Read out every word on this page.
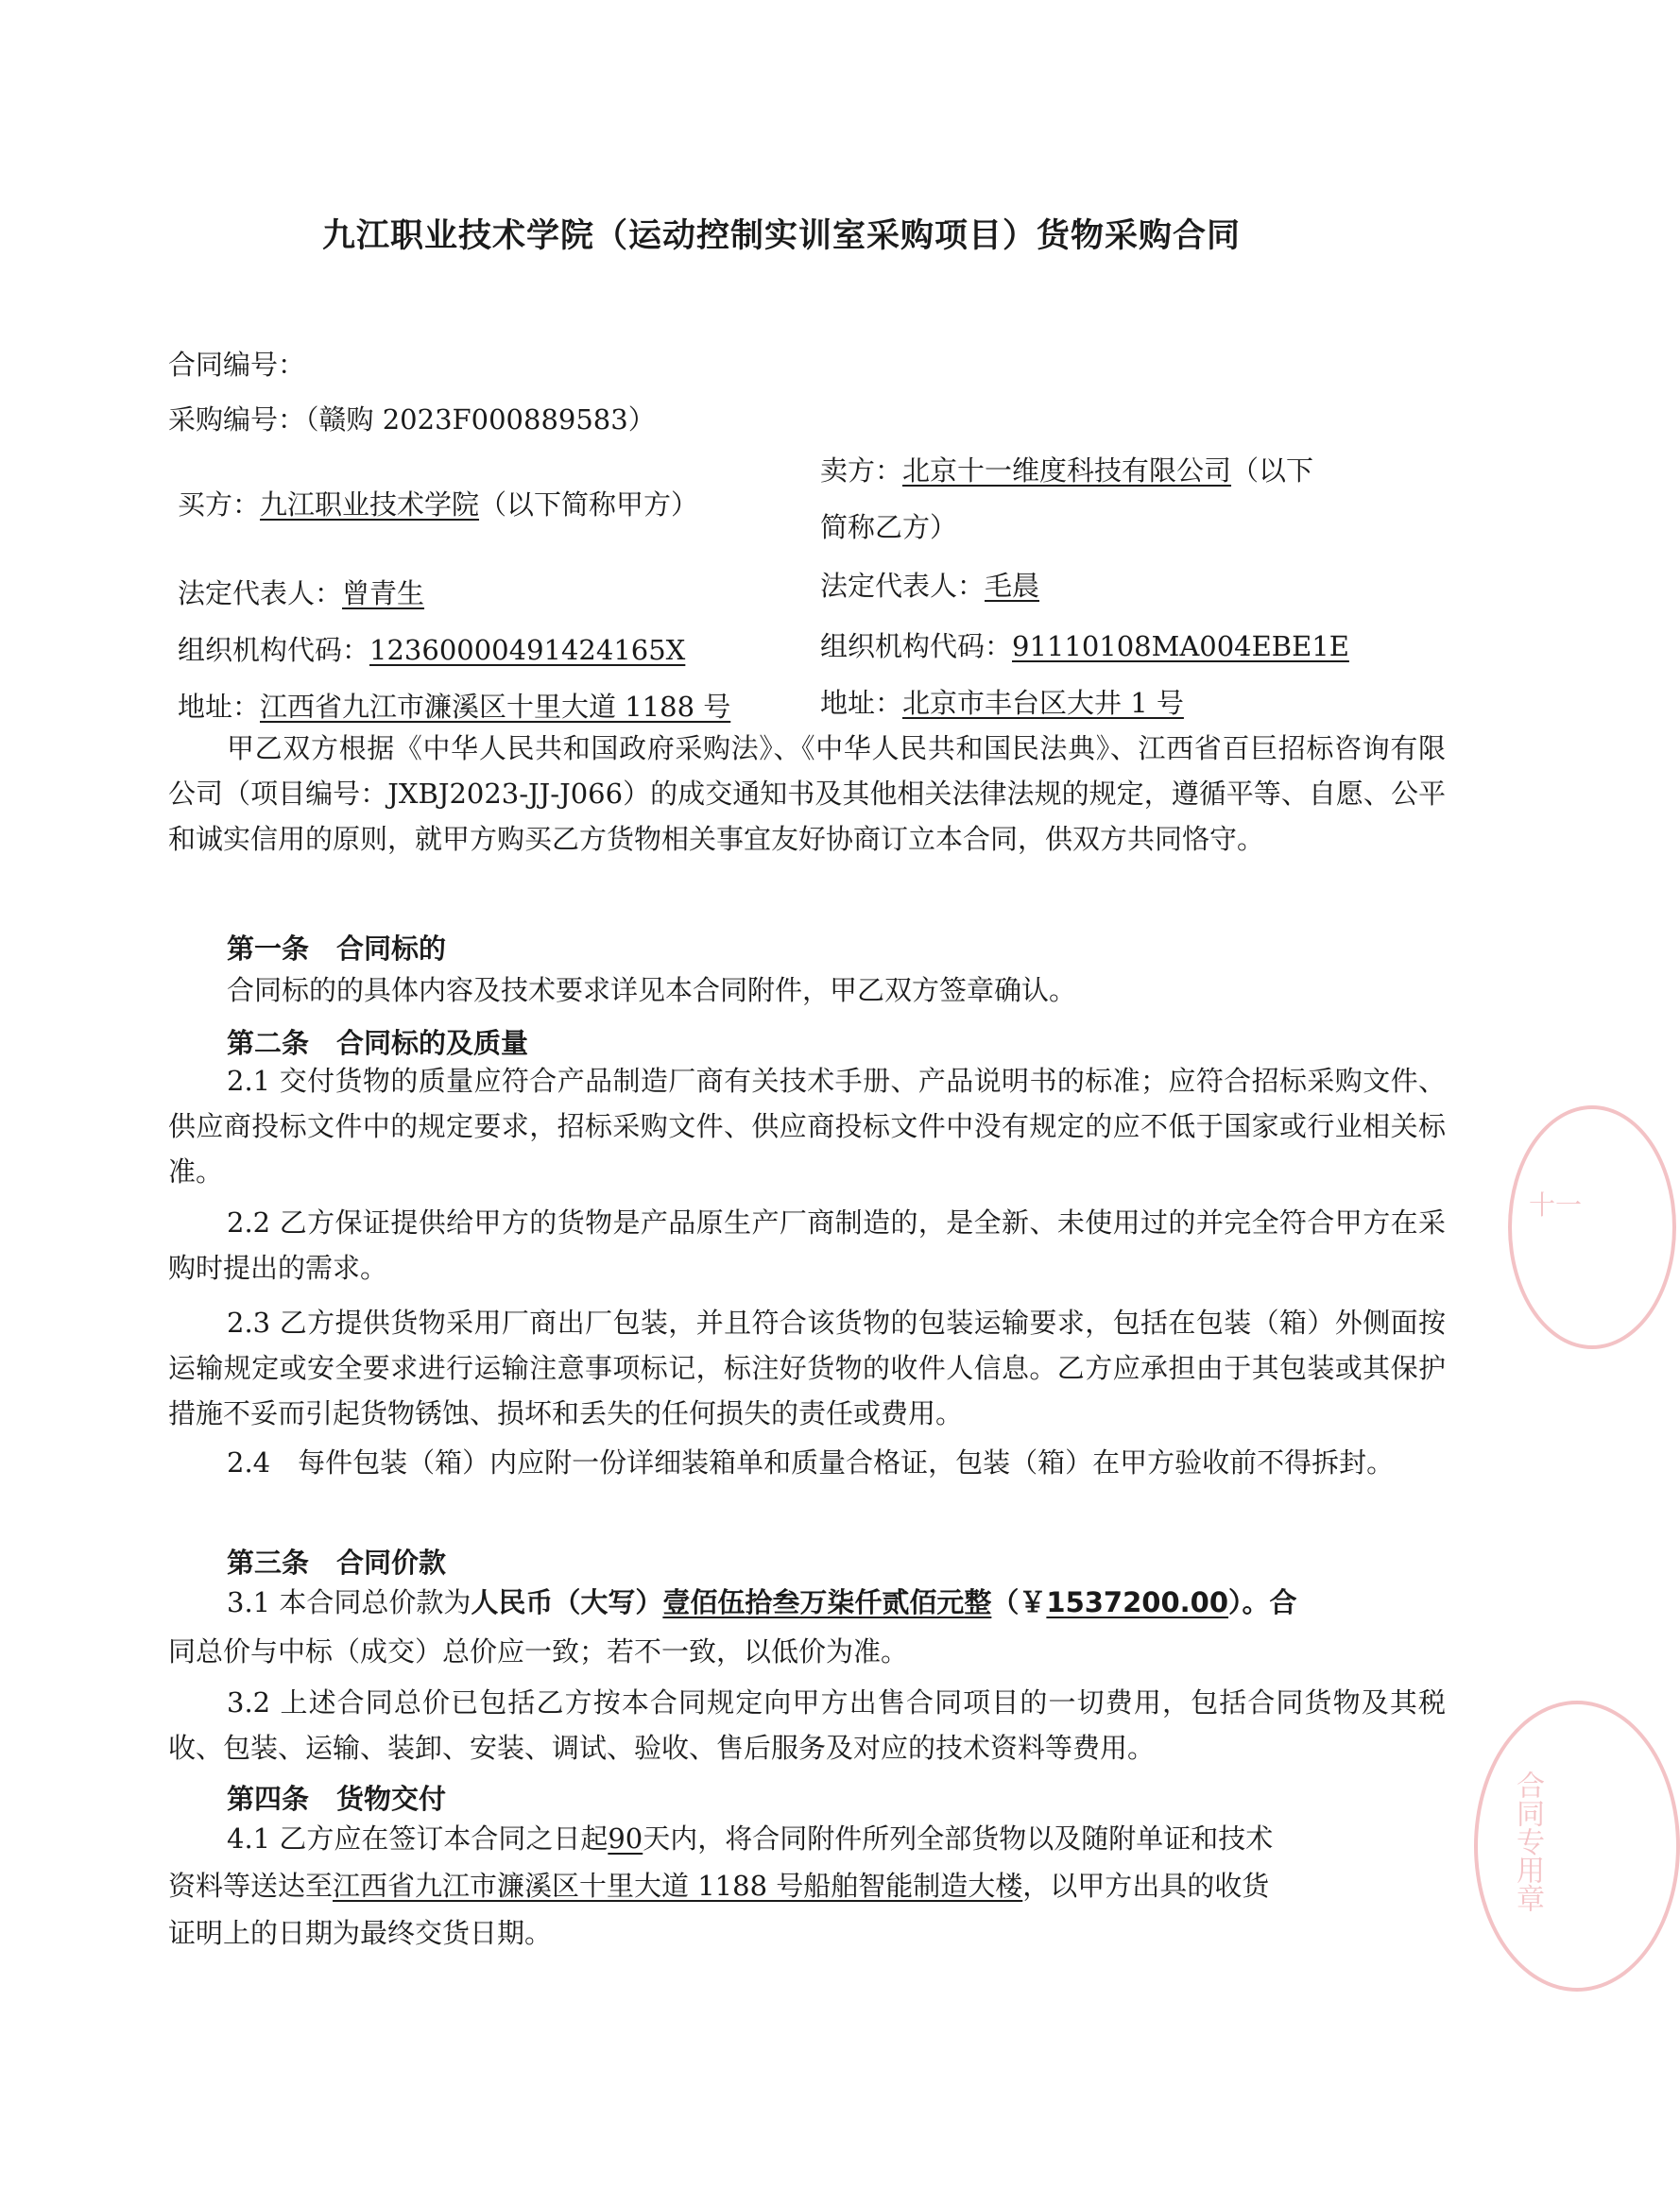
九江职业技术学院（运动控制实训室采购项目）货物采购合同
合同编号：
采购编号：（赣购 2023F000889583）
买方：九江职业技术学院（以下简称甲方）
法定代表人：曾青生
组织机构代码：12360000491424165X
地址：江西省九江市濂溪区十里大道 1188 号
卖方：北京十一维度科技有限公司（以下
简称乙方）
法定代表人：毛晨
组织机构代码：91110108MA004EBE1E
地址：北京市丰台区大井 1 号
甲乙双方根据《中华人民共和国政府采购法》、《中华人民共和国民法典》、江西省百巨招标咨询有限公司（项目编号：JXBJ2023-JJ-J066）的成交通知书及其他相关法律法规的规定，遵循平等、自愿、公平和诚实信用的原则，就甲方购买乙方货物相关事宜友好协商订立本合同，供双方共同恪守。
第一条　合同标的
合同标的的具体内容及技术要求详见本合同附件，甲乙双方签章确认。
第二条　合同标的及质量
2.1 交付货物的质量应符合产品制造厂商有关技术手册、产品说明书的标准；应符合招标采购文件、供应商投标文件中的规定要求，招标采购文件、供应商投标文件中没有规定的应不低于国家或行业相关标准。
2.2 乙方保证提供给甲方的货物是产品原生产厂商制造的，是全新、未使用过的并完全符合甲方在采购时提出的需求。
2.3 乙方提供货物采用厂商出厂包装，并且符合该货物的包装运输要求，包括在包装（箱）外侧面按运输规定或安全要求进行运输注意事项标记，标注好货物的收件人信息。乙方应承担由于其包装或其保护措施不妥而引起货物锈蚀、损坏和丢失的任何损失的责任或费用。
2.4　每件包装（箱）内应附一份详细装箱单和质量合格证，包装（箱）在甲方验收前不得拆封。
第三条　合同价款
3.1 本合同总价款为人民币（大写）壹佰伍拾叁万柒仟贰佰元整（￥1537200.00）。合
同总价与中标（成交）总价应一致；若不一致，以低价为准。
3.2 上述合同总价已包括乙方按本合同规定向甲方出售合同项目的一切费用，包括合同货物及其税收、包装、运输、装卸、安装、调试、验收、售后服务及对应的技术资料等费用。
第四条　货物交付
4.1 乙方应在签订本合同之日起90天内，将合同附件所列全部货物以及随附单证和技术
资料等送达至江西省九江市濂溪区十里大道 1188 号船舶智能制造大楼，以甲方出具的收货
证明上的日期为最终交货日期。
十一
合同专用章
